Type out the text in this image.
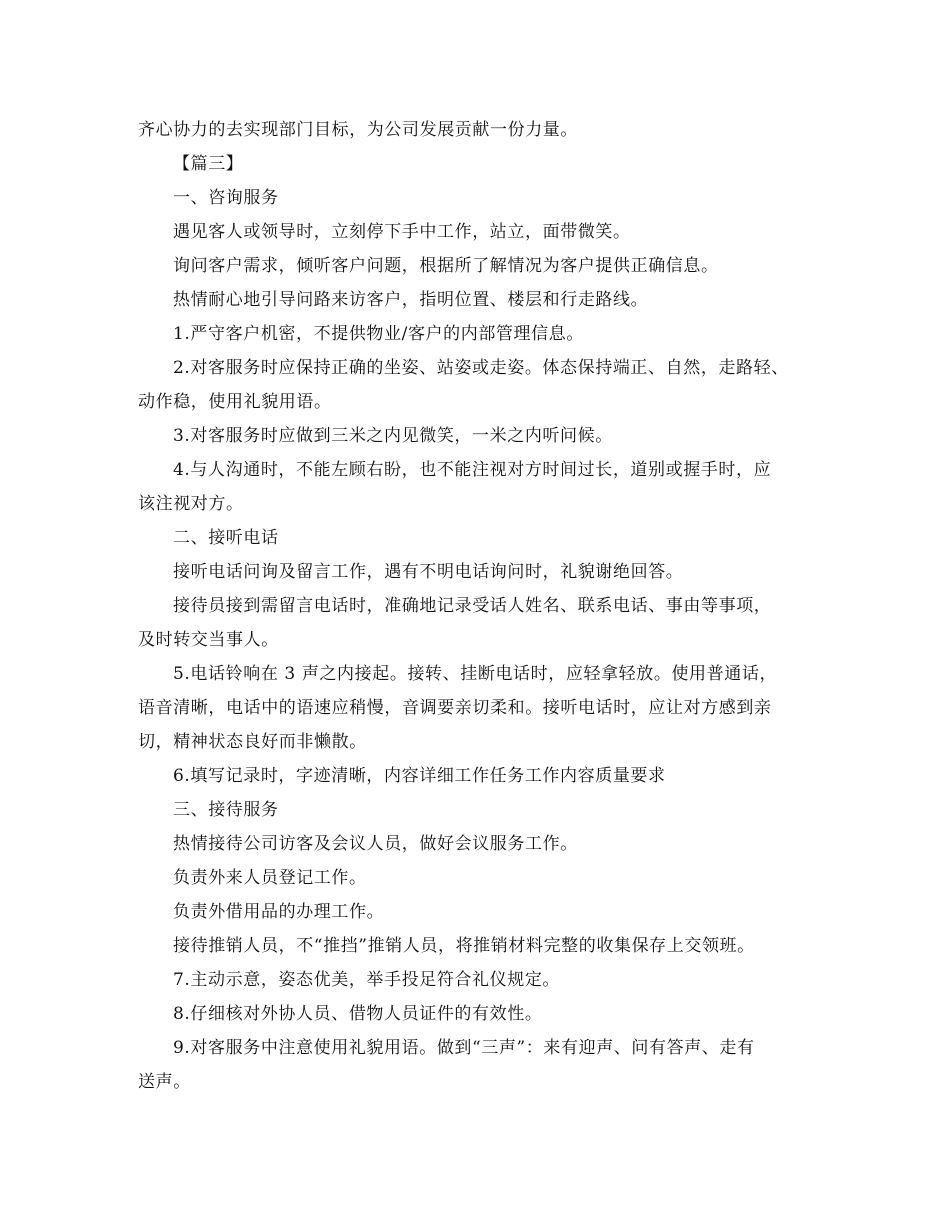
齐心协力的去实现部门目标，为公司发展贡献一份力量。
【篇三】
一、咨询服务
遇见客人或领导时，立刻停下手中工作，站立，面带微笑。
询问客户需求，倾听客户问题，根据所了解情况为客户提供正确信息。
热情耐心地引导问路来访客户，指明位置、楼层和行走路线。
1.严守客户机密，不提供物业/客户的内部管理信息。
2.对客服务时应保持正确的坐姿、站姿或走姿。体态保持端正、自然，走路轻、
动作稳，使用礼貌用语。
3.对客服务时应做到三米之内见微笑，一米之内听问候。
4.与人沟通时，不能左顾右盼，也不能注视对方时间过长，道别或握手时，应
该注视对方。
二、接听电话
接听电话问询及留言工作，遇有不明电话询问时，礼貌谢绝回答。
接待员接到需留言电话时，准确地记录受话人姓名、联系电话、事由等事项，
及时转交当事人。
5.电话铃响在 3 声之内接起。接转、挂断电话时，应轻拿轻放。使用普通话，
语音清晰，电话中的语速应稍慢，音调要亲切柔和。接听电话时，应让对方感到亲
切，精神状态良好而非懒散。
6.填写记录时，字迹清晰，内容详细工作任务工作内容质量要求
三、接待服务
热情接待公司访客及会议人员，做好会议服务工作。
负责外来人员登记工作。
负责外借用品的办理工作。
接待推销人员，不“推挡”推销人员，将推销材料完整的收集保存上交领班。
7.主动示意，姿态优美，举手投足符合礼仪规定。
8.仔细核对外协人员、借物人员证件的有效性。
9.对客服务中注意使用礼貌用语。做到“三声”：来有迎声、问有答声、走有
送声。
